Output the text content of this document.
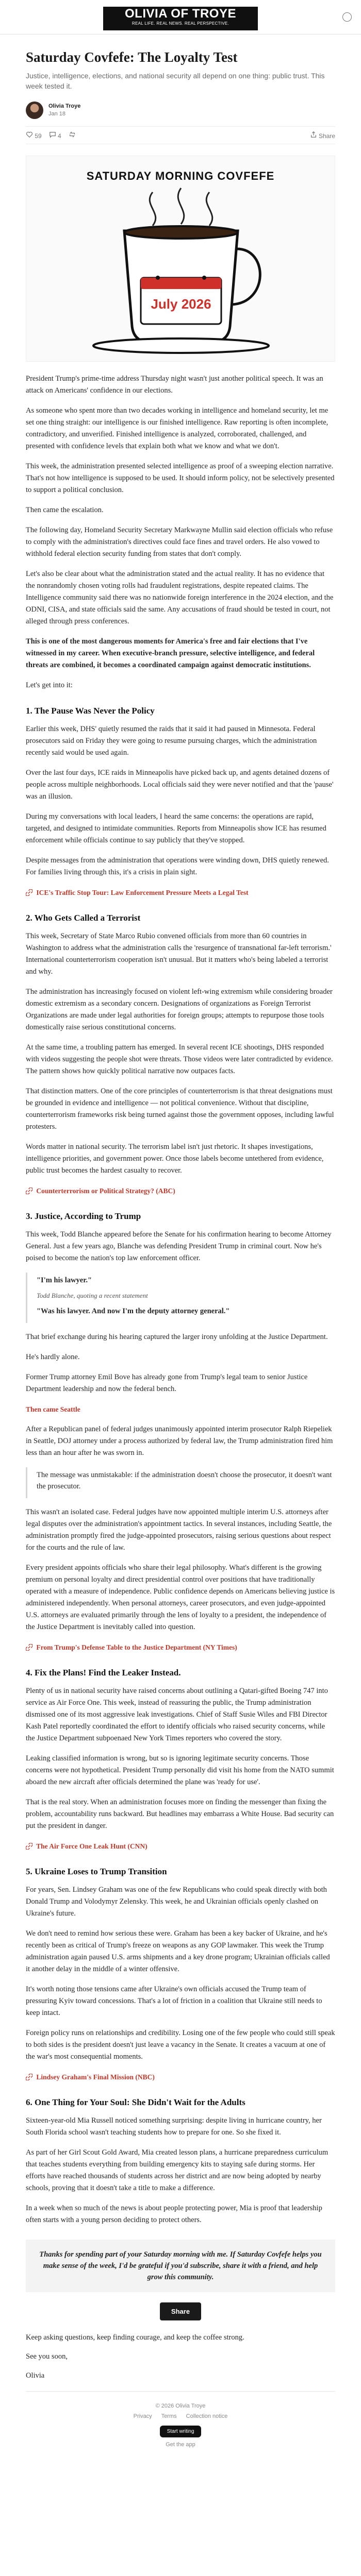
OLIVIA OF TROYE
REAL LIFE. REAL NEWS. REAL PERSPECTIVE.
Saturday Covfefe: The Loyalty Test

Justice, intelligence, elections, and national security all depend on one thing: public trust. This week tested it.

Olivia Troye
Jan 18
59	4	Share
SATURDAY MORNING COVFEFE
July 2026

President Trump's prime-time address Thursday night wasn't just another political speech. It was an attack on Americans' confidence in our elections.

As someone who spent more than two decades working in intelligence and homeland security, let me set one thing straight: our intelligence is our finished intelligence. Raw reporting is often incomplete, contradictory, and unverified. Finished intelligence is analyzed, corroborated, challenged, and presented with confidence levels that explain both what we know and what we don't.

This week, the administration presented selected intelligence as proof of a sweeping election narrative. That's not how intelligence is supposed to be used. It should inform policy, not be selectively presented to support a political conclusion.

Then came the escalation.

The following day, Homeland Security Secretary Markwayne Mullin said election officials who refuse to comply with the administration's directives could face fines and travel orders. He also vowed to withhold federal election security funding from states that don't comply.

Let's also be clear about what the administration stated and the actual reality. It has no evidence that the nonrandomly chosen voting rolls had fraudulent registrations, despite repeated claims. The Intelligence community said there was no nationwide foreign interference in the 2024 election, and the ODNI, CISA, and state officials said the same. Any accusations of fraud should be tested in court, not alleged through press conferences.

This is one of the most dangerous moments for America's free and fair elections that I've witnessed in my career. When executive-branch pressure, selective intelligence, and federal threats are combined, it becomes a coordinated campaign against democratic institutions.

Let's get into it:

1. The Pause Was Never the Policy

Earlier this week, DHS' quietly resumed the raids that it said it had paused in Minnesota. Federal prosecutors said on Friday they were going to resume pursuing charges, which the administration recently said would be used again.

Over the last four days, ICE raids in Minneapolis have picked back up, and agents detained dozens of people across multiple neighborhoods. Local officials said they were never notified and that the 'pause' was an illusion.

During my conversations with local leaders, I heard the same concerns: the operations are rapid, targeted, and designed to intimidate communities. Reports from Minneapolis show ICE has resumed enforcement while officials continue to say publicly that they've stopped.

Despite messages from the administration that operations were winding down, DHS quietly renewed. For families living through this, it's a crisis in plain sight.

ICE's Traffic Stop Tour: Law Enforcement Pressure Meets a Legal Test

2. Who Gets Called a Terrorist

This week, Secretary of State Marco Rubio convened officials from more than 60 countries in Washington to address what the administration calls the 'resurgence of transnational far-left terrorism.' International counterterrorism cooperation isn't unusual. But it matters who's being labeled a terrorist and why.

The administration has increasingly focused on violent left-wing extremism while considering broader domestic extremism as a secondary concern. Designations of organizations as Foreign Terrorist Organizations are made under legal authorities for foreign groups; attempts to repurpose those tools domestically raise serious constitutional concerns.

At the same time, a troubling pattern has emerged. In several recent ICE shootings, DHS responded with videos suggesting the people shot were threats. Those videos were later contradicted by evidence. The pattern shows how quickly political narrative now outpaces facts.

That distinction matters. One of the core principles of counterterrorism is that threat designations must be grounded in evidence and intelligence — not political convenience. Without that discipline, counterterrorism frameworks risk being turned against those the government opposes, including lawful protesters.

Words matter in national security. The terrorism label isn't just rhetoric. It shapes investigations, intelligence priorities, and government power. Once those labels become untethered from evidence, public trust becomes the hardest casualty to recover.

Counterterrorism or Political Strategy? (ABC)

3. Justice, According to Trump

This week, Todd Blanche appeared before the Senate for his confirmation hearing to become Attorney General. Just a few years ago, Blanche was defending President Trump in criminal court. Now he's poised to become the nation's top law enforcement officer.

"I'm his lawyer."

Todd Blanche, quoting a recent statement

"Was his lawyer. And now I'm the deputy attorney general."

That brief exchange during his hearing captured the larger irony unfolding at the Justice Department.

He's hardly alone.

Former Trump attorney Emil Bove has already gone from Trump's legal team to senior Justice Department leadership and now the federal bench.

Then came Seattle

After a Republican panel of federal judges unanimously appointed interim prosecutor Ralph Riepeliek in Seattle, DOJ attorney under a process authorized by federal law, the Trump administration fired him less than an hour after he was sworn in.

The message was unmistakable: if the administration doesn't choose the prosecutor, it doesn't want the prosecutor.

This wasn't an isolated case. Federal judges have now appointed multiple interim U.S. attorneys after legal disputes over the administration's appointment tactics. In several instances, including Seattle, the administration promptly fired the judge-appointed prosecutors, raising serious questions about respect for the courts and the rule of law.

Every president appoints officials who share their legal philosophy. What's different is the growing premium on personal loyalty and direct presidential control over positions that have traditionally operated with a measure of independence. Public confidence depends on Americans believing justice is administered independently. When personal attorneys, career prosecutors, and even judge-appointed U.S. attorneys are evaluated primarily through the lens of loyalty to a president, the independence of the Justice Department is inevitably called into question.

From Trump's Defense Table to the Justice Department (NY Times)

4. Fix the Plans! Find the Leaker Instead.

Plenty of us in national security have raised concerns about outlining a Qatari-gifted Boeing 747 into service as Air Force One. This week, instead of reassuring the public, the Trump administration dismissed one of its most aggressive leak investigations. Chief of Staff Susie Wiles and FBI Director Kash Patel reportedly coordinated the effort to identify officials who raised security concerns, while the Justice Department subpoenaed New York Times reporters who covered the story.

Leaking classified information is wrong, but so is ignoring legitimate security concerns. Those concerns were not hypothetical. President Trump personally did visit his home from the NATO summit aboard the new aircraft after officials determined the plane was 'ready for use'.

That is the real story. When an administration focuses more on finding the messenger than fixing the problem, accountability runs backward. But headlines may embarrass a White House. Bad security can put the president in danger.

The Air Force One Leak Hunt (CNN)

5. Ukraine Loses to Trump Transition

For years, Sen. Lindsey Graham was one of the few Republicans who could speak directly with both Donald Trump and Volodymyr Zelensky. This week, he and Ukrainian officials openly clashed on Ukraine's future.

We don't need to remind how serious these were. Graham has been a key backer of Ukraine, and he's recently been as critical of Trump's freeze on weapons as any GOP lawmaker. This week the Trump administration again paused U.S. arms shipments and a key drone program; Ukrainian officials called it another delay in the middle of a winter offensive.

It's worth noting those tensions came after Ukraine's own officials accused the Trump team of pressuring Kyiv toward concessions. That's a lot of friction in a coalition that Ukraine still needs to keep intact.

Foreign policy runs on relationships and credibility. Losing one of the few people who could still speak to both sides is the president doesn't just leave a vacancy in the Senate. It creates a vacuum at one of the war's most consequential moments.

Lindsey Graham's Final Mission (NBC)

6. One Thing for Your Soul: She Didn't Wait for the Adults

Sixteen-year-old Mia Russell noticed something surprising: despite living in hurricane country, her South Florida school wasn't teaching students how to prepare for one. So she fixed it.

As part of her Girl Scout Gold Award, Mia created lesson plans, a hurricane preparedness curriculum that teaches students everything from building emergency kits to staying safe during storms. Her efforts have reached thousands of students across her district and are now being adopted by nearby schools, proving that it doesn't take a title to make a difference.

In a week when so much of the news is about people protecting power, Mia is proof that leadership often starts with a young person deciding to protect others.

Thanks for spending part of your Saturday morning with me. If Saturday Covfefe helps you make sense of the week, I'd be grateful if you'd subscribe, share it with a friend, and help grow this community.
Share

Keep asking questions, keep finding courage, and keep the coffee strong.

See you soon,

Olivia

© 2026 Olivia Troye
Privacy Terms Collection notice
Start writing
Get the app
